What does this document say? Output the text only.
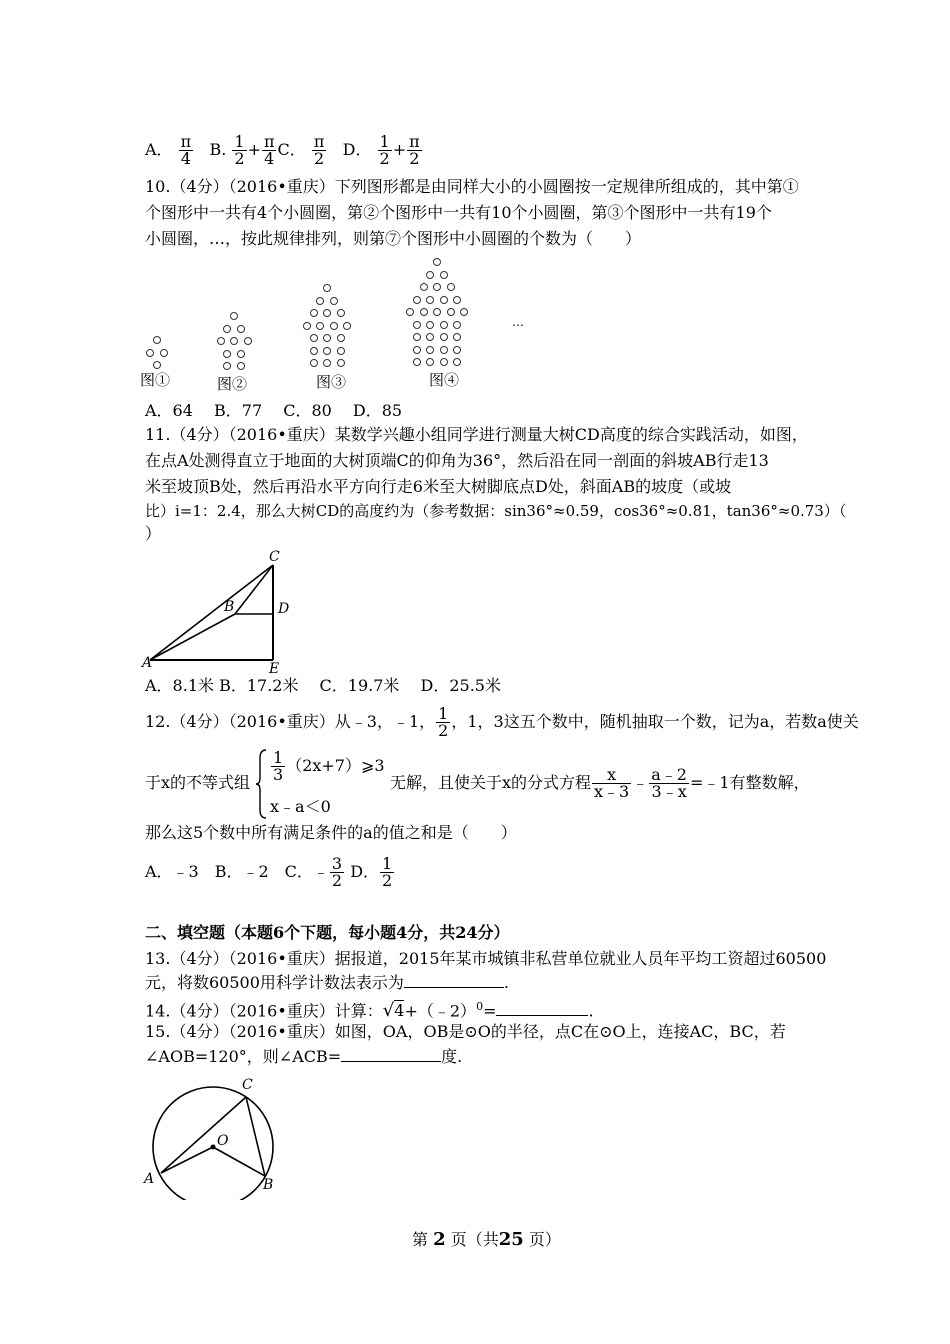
A． $\frac{\pi}{4} B$. $\frac{1}{2} + \frac{\pi}{4}$ C． $\frac{\pi}{2}$ D． $\frac{1}{2} + \frac{\pi}{2}$
10.（4分）（2016•重庆）下列图形都是由同样大小的小圆圈按一定规律所组成的，其中第①
个图形中一共有4个小圆圈，第②个图形中一共有10个小圆圈，第③个图形中一共有19个
小圆圈，…，按此规律排列，则第⑦个图形中小圆圈的个数为（　　）
图①	图②	图③	图④
…
A．64　 B．77　 C．80　 D．85
11.（4分）（2016•重庆）某数学兴趣小组同学进行测量大树CD高度的综合实践活动，如图，
在点A处测得直立于地面的大树顶端C的仰角为36°，然后沿在同一剖面的斜坡AB行走13
米至坡顶B处，然后再沿水平方向行走6米至大树脚底点D处，斜面AB的坡度（或坡
比）i=1：2.4，那么大树CD的高度约为（参考数据：sin36°≈0.59，cos36°≈0.81，tan36°≈0.73）（
）
C
B	D
A	E
A．8.1米 B．17.2米　 C．19.7米　 D．25.5米
12.（4分）（2016•重庆）从﹣3，﹣1， $\frac{1}{2}$ ，1，3这五个数中，随机抽取一个数，记为a，若数a使关
于x的不等式组 $\frac{1}{3}$ （2x+7）⩾3
x﹣a＜0
无解，且使关于x的分式方程 $\frac{x}{x﹣3}$ ﹣ $\frac{a﹣2}{3﹣x}$ =﹣1有整数解，
那么这5个数中所有满足条件的a的值之和是（　　）
A．﹣3　B．﹣2　C．﹣ $\frac{3}{2}$ D． $\frac{1}{2}$
二、填空题（本题6个下题，每小题4分，共24分）
13.（4分）（2016•重庆）据报道，2015年某市城镇非私营单位就业人员年平均工资超过60500
元，将数60500用科学计数法表示为	.
14.（4分）（2016•重庆）计算：√4+（﹣2）$^0$=	.
15.（4分）（2016•重庆）如图，OA，OB是⊙O的半径，点C在⊙O上，连接AC，BC，若
∠AOB=120°，则∠ACB=	度.
C
O
A	B
第 2 页（共25 页）
